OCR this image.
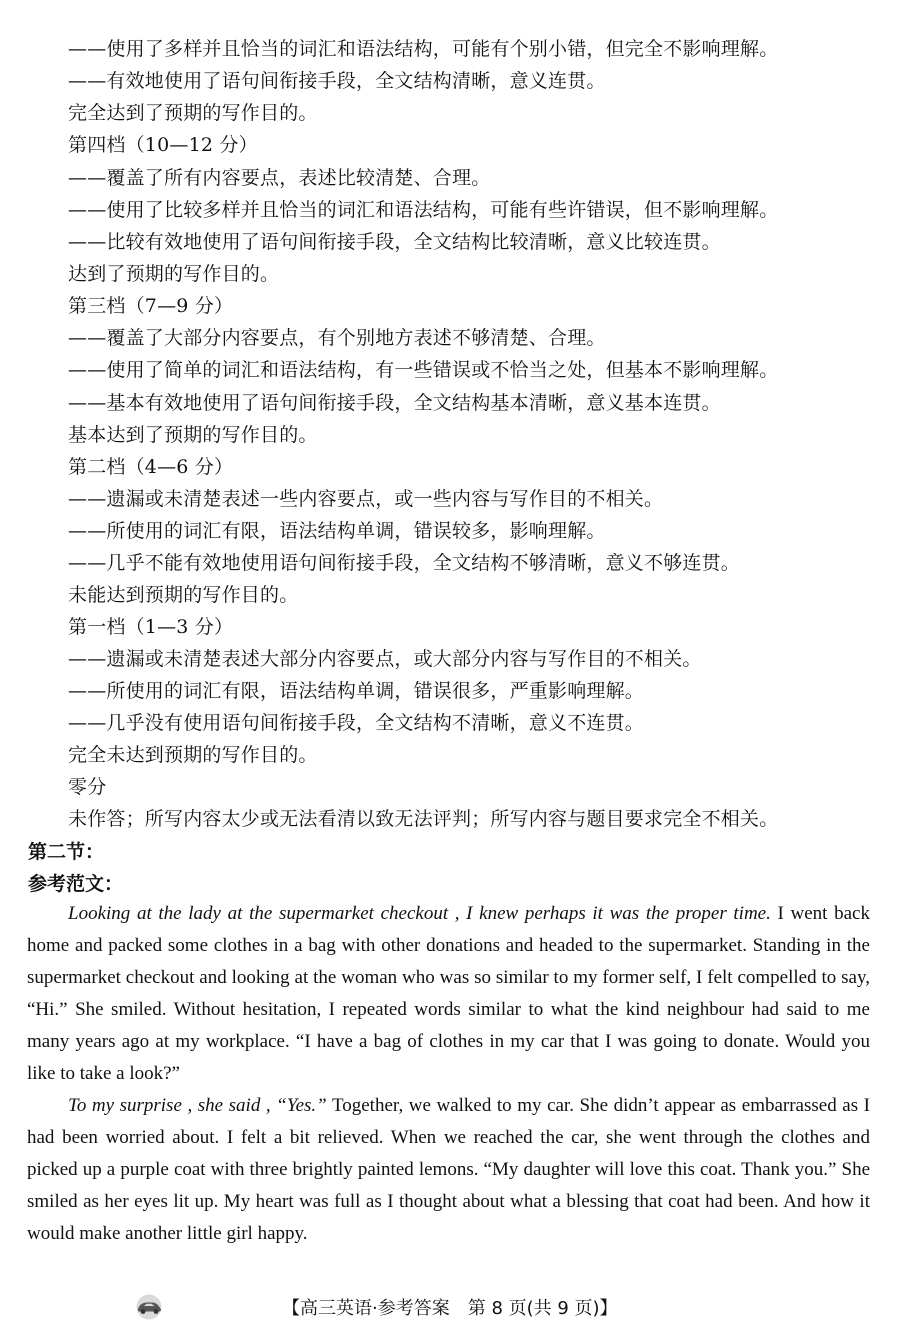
——使用了多样并且恰当的词汇和语法结构，可能有个别小错，但完全不影响理解。
——有效地使用了语句间衔接手段，全文结构清晰，意义连贯。
完全达到了预期的写作目的。
第四档（10—12 分）
——覆盖了所有内容要点，表述比较清楚、合理。
——使用了比较多样并且恰当的词汇和语法结构，可能有些许错误，但不影响理解。
——比较有效地使用了语句间衔接手段，全文结构比较清晰，意义比较连贯。
达到了预期的写作目的。
第三档（7—9 分）
——覆盖了大部分内容要点，有个别地方表述不够清楚、合理。
——使用了简单的词汇和语法结构，有一些错误或不恰当之处，但基本不影响理解。
——基本有效地使用了语句间衔接手段，全文结构基本清晰，意义基本连贯。
基本达到了预期的写作目的。
第二档（4—6 分）
——遗漏或未清楚表述一些内容要点，或一些内容与写作目的不相关。
——所使用的词汇有限，语法结构单调，错误较多，影响理解。
——几乎不能有效地使用语句间衔接手段，全文结构不够清晰，意义不够连贯。
未能达到预期的写作目的。
第一档（1—3 分）
——遗漏或未清楚表述大部分内容要点，或大部分内容与写作目的不相关。
——所使用的词汇有限，语法结构单调，错误很多，严重影响理解。
——几乎没有使用语句间衔接手段，全文结构不清晰，意义不连贯。
完全未达到预期的写作目的。
零分
未作答；所写内容太少或无法看清以致无法评判；所写内容与题目要求完全不相关。
第二节：
参考范文：

Looking at the lady at the supermarket checkout , I knew perhaps it was the proper time. I went back home and packed some clothes in a bag with other donations and headed to the supermarket. Standing in the supermarket checkout and looking at the woman who was so similar to my former self, I felt compelled to say, “Hi.” She smiled. Without hesitation, I repeated words similar to what the kind neighbour had said to me many years ago at my workplace. “I have a bag of clothes in my car that I was going to donate. Would you like to take a look?”

To my surprise , she said , “Yes.” Together, we walked to my car. She didn’t appear as embarrassed as I had been worried about. I felt a bit relieved. When we reached the car, she went through the clothes and picked up a purple coat with three brightly painted lemons. “My daughter will love this coat. Thank you.” She smiled as her eyes lit up. My heart was full as I thought about what a blessing that coat had been. And how it would make another little girl happy.

【高三英语·参考答案　第 8 页(共 9 页)】
